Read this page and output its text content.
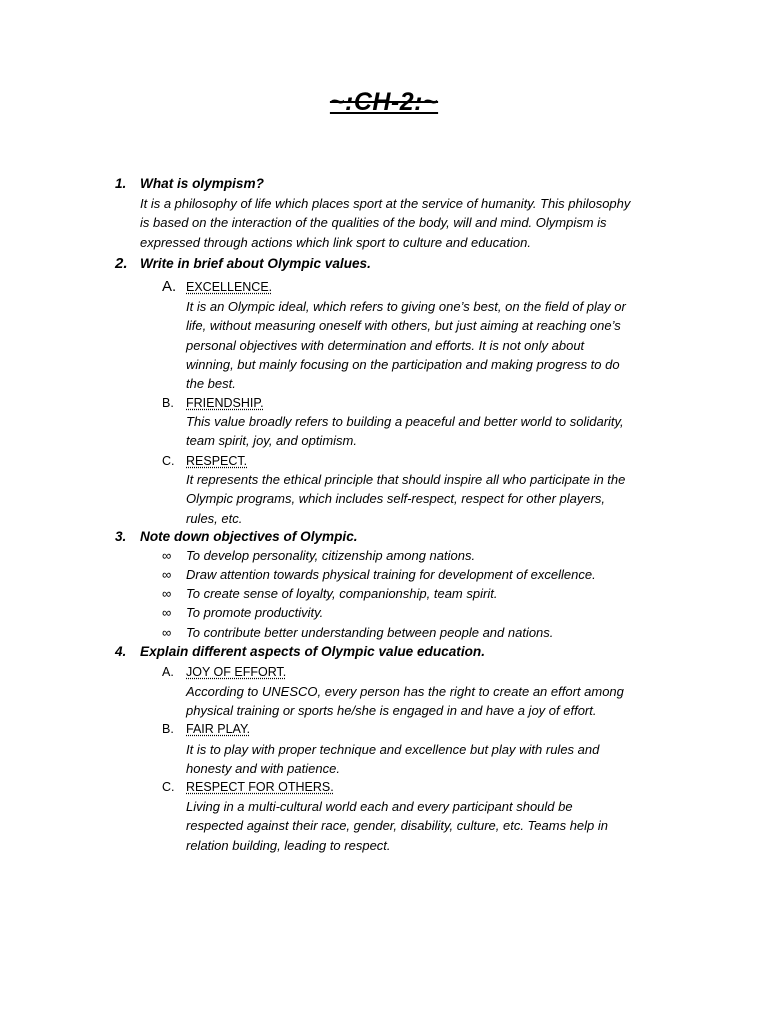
~:CH-2:~
1. What is olympism?
It is a philosophy of life which places sport at the service of humanity. This philosophy
is based on the interaction of the qualities of the body, will and mind. Olympism is
expressed through actions which link sport to culture and education.
2. Write in brief about Olympic values.
A. EXCELLENCE.
It is an Olympic ideal, which refers to giving one’s best, on the field of play or
life, without measuring oneself with others, but just aiming at reaching one’s
personal objectives with determination and efforts. It is not only about
winning, but mainly focusing on the participation and making progress to do
the best.
B. FRIENDSHIP.
This value broadly refers to building a peaceful and better world to solidarity,
team spirit, joy, and optimism.
C. RESPECT.
It represents the ethical principle that should inspire all who participate in the
Olympic programs, which includes self-respect, respect for other players,
rules, etc.
3. Note down objectives of Olympic.
∞ To develop personality, citizenship among nations.
∞ Draw attention towards physical training for development of excellence.
∞ To create sense of loyalty, companionship, team spirit.
∞ To promote productivity.
∞ To contribute better understanding between people and nations.
4. Explain different aspects of Olympic value education.
A. JOY OF EFFORT.
According to UNESCO, every person has the right to create an effort among
physical training or sports he/she is engaged in and have a joy of effort.
B. FAIR PLAY.
It is to play with proper technique and excellence but play with rules and
honesty and with patience.
C. RESPECT FOR OTHERS.
Living in a multi-cultural world each and every participant should be
respected against their race, gender, disability, culture, etc. Teams help in
relation building, leading to respect.
